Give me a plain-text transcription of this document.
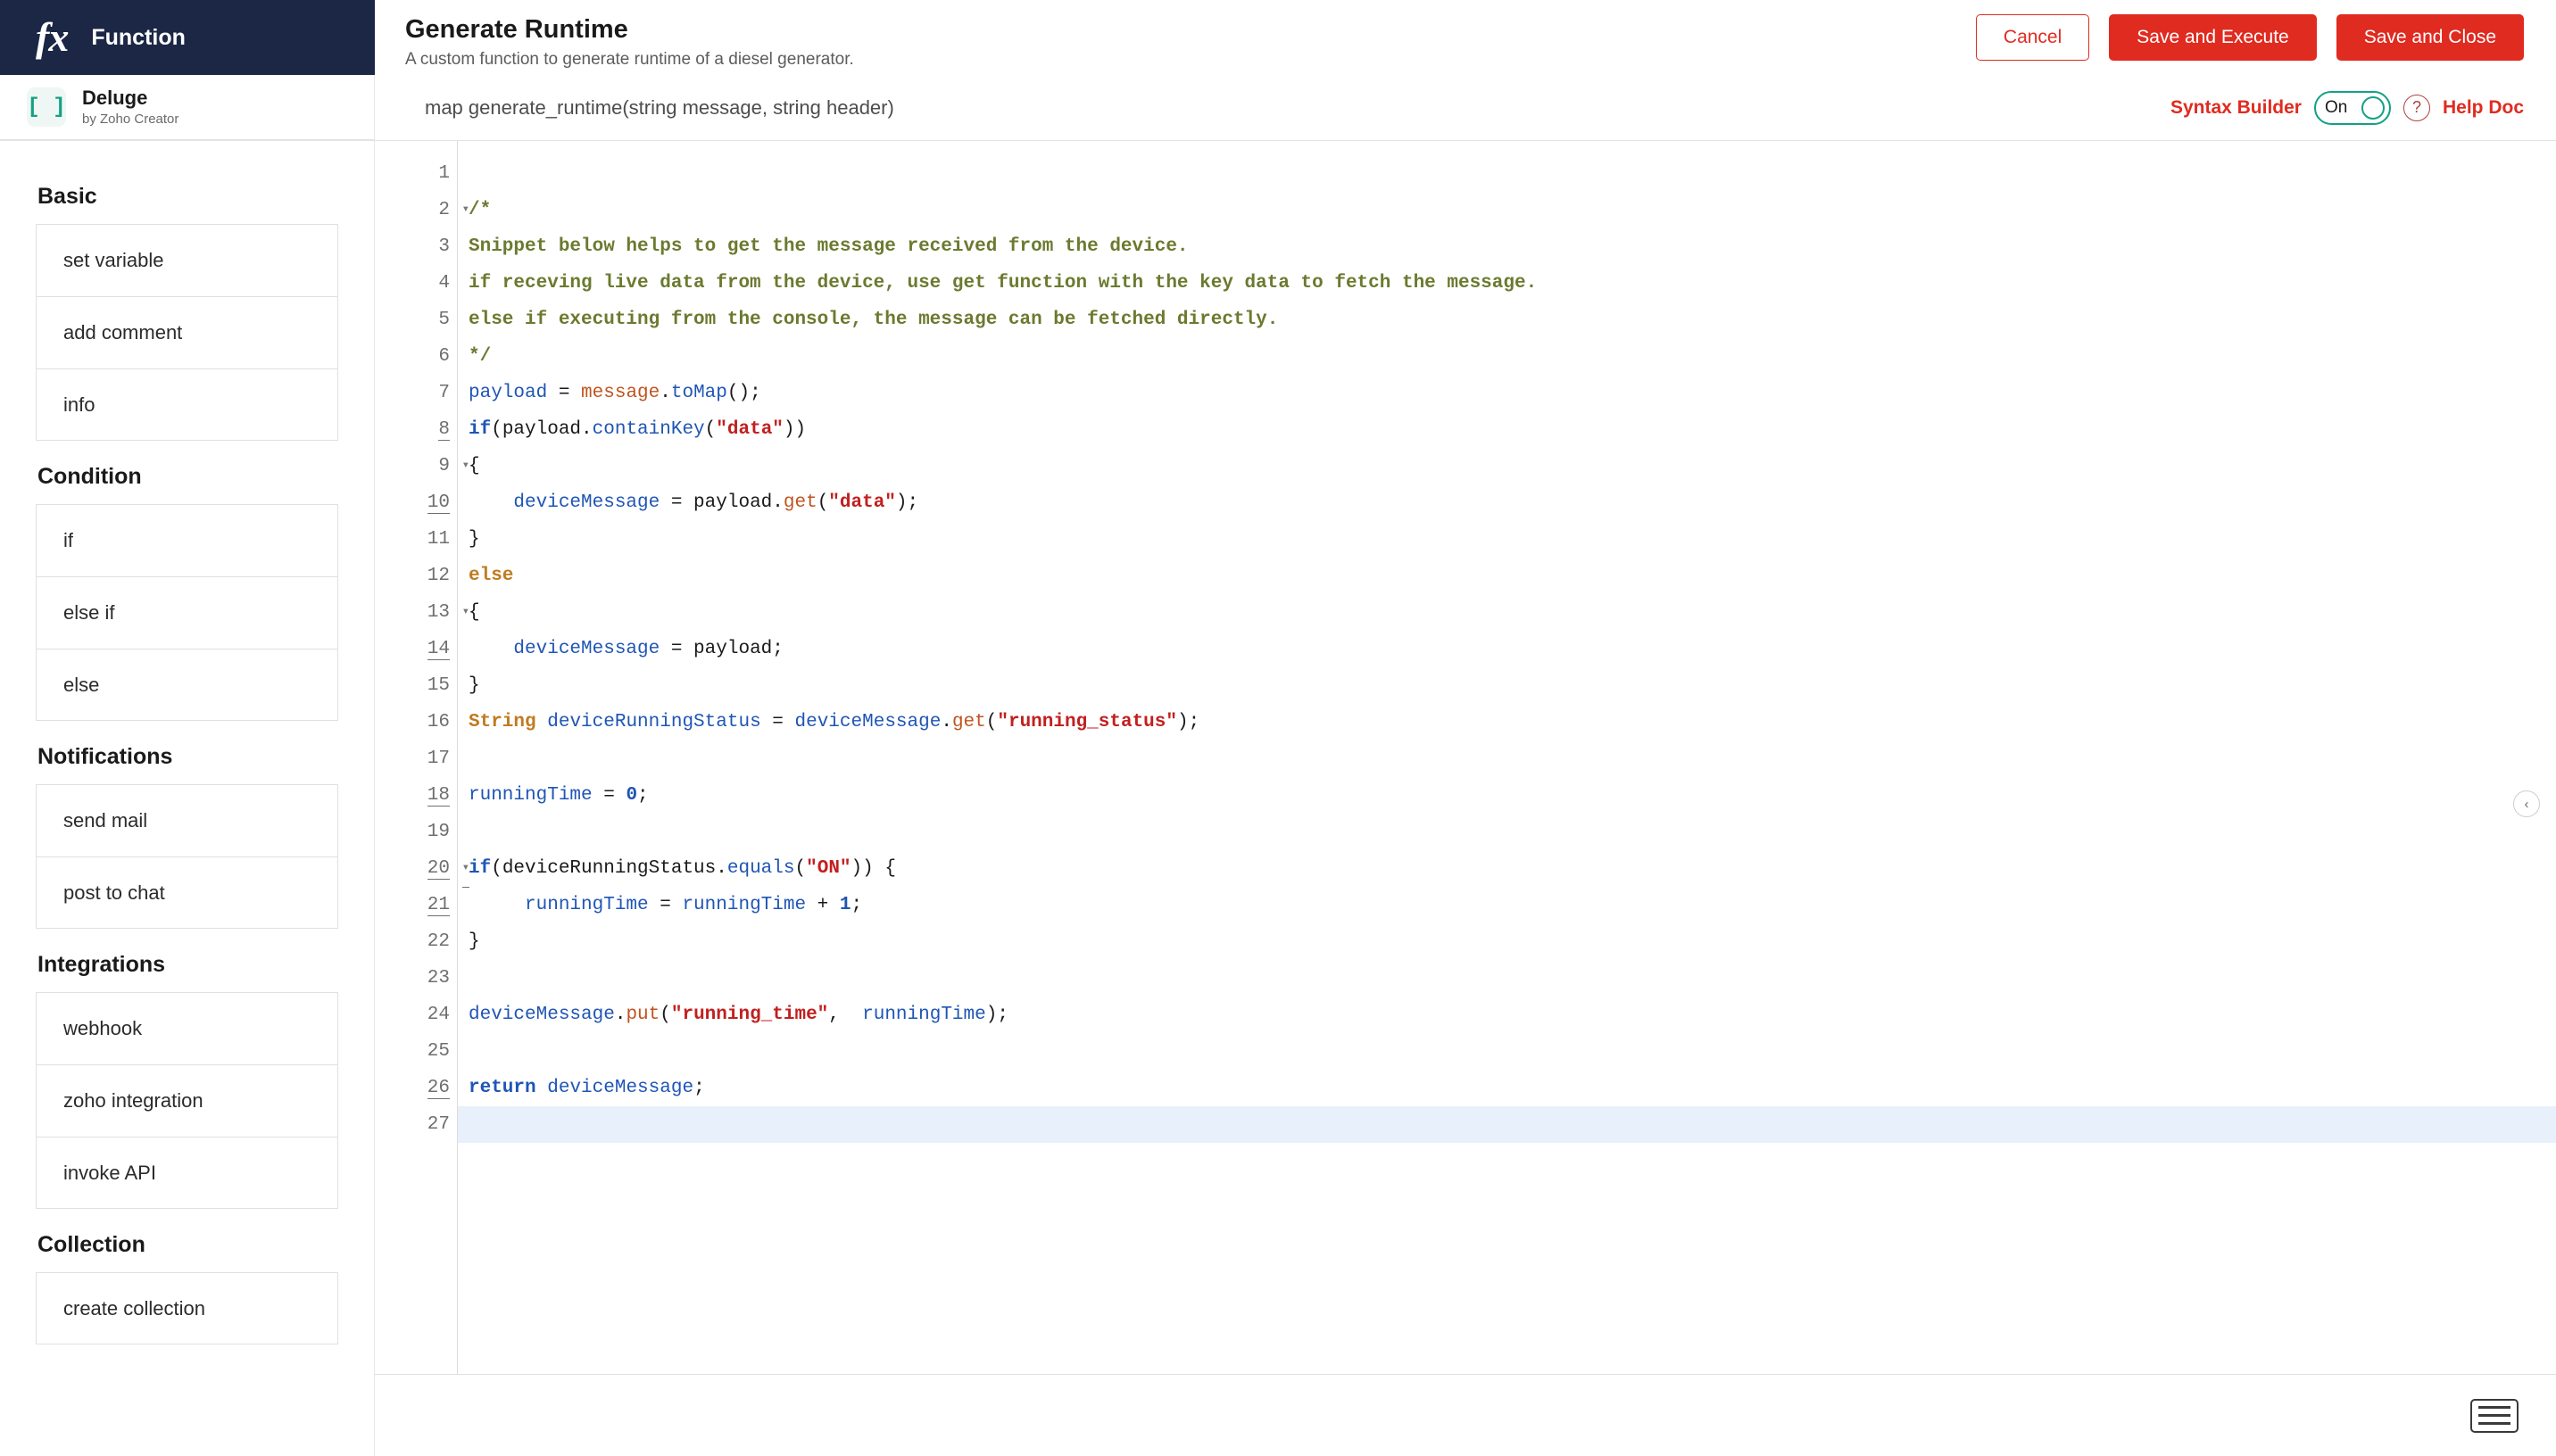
fx Function	Generate Runtime
A custom function to generate runtime of a diesel generator.
Cancel	Save and Execute	Save and Close
[ ] Deluge
by Zoho Creator
map generate_runtime(string message, string header)	Syntax Builder On	?	Help Doc
Basic
set variable
add comment
info
Condition
if
else if
else
Notifications
send mail
post to chat
Integrations
webhook
zoho integration
invoke API
Collection
create collection
1
2 ▾
3
4
5
6
7
8
9 ▾
10
11
12
13 ▾
14
15
16
17
18
19
20 ▾
21
22
23
24
25
26
27

/*
Snippet below helps to get the message received from the device.
if receving live data from the device, use get function with the key data to fetch the message.
else if executing from the console, the message can be fetched directly.
*/
payload = message.toMap();
if(payload.containKey("data"))
{
deviceMessage = payload.get("data");
}
else
{
deviceMessage = payload;
}
String deviceRunningStatus = deviceMessage.get("running_status");

runningTime = 0;

if(deviceRunningStatus.equals("ON")) {
runningTime = runningTime + 1;
}

deviceMessage.put("running_time",  runningTime);

return deviceMessage;

‹
